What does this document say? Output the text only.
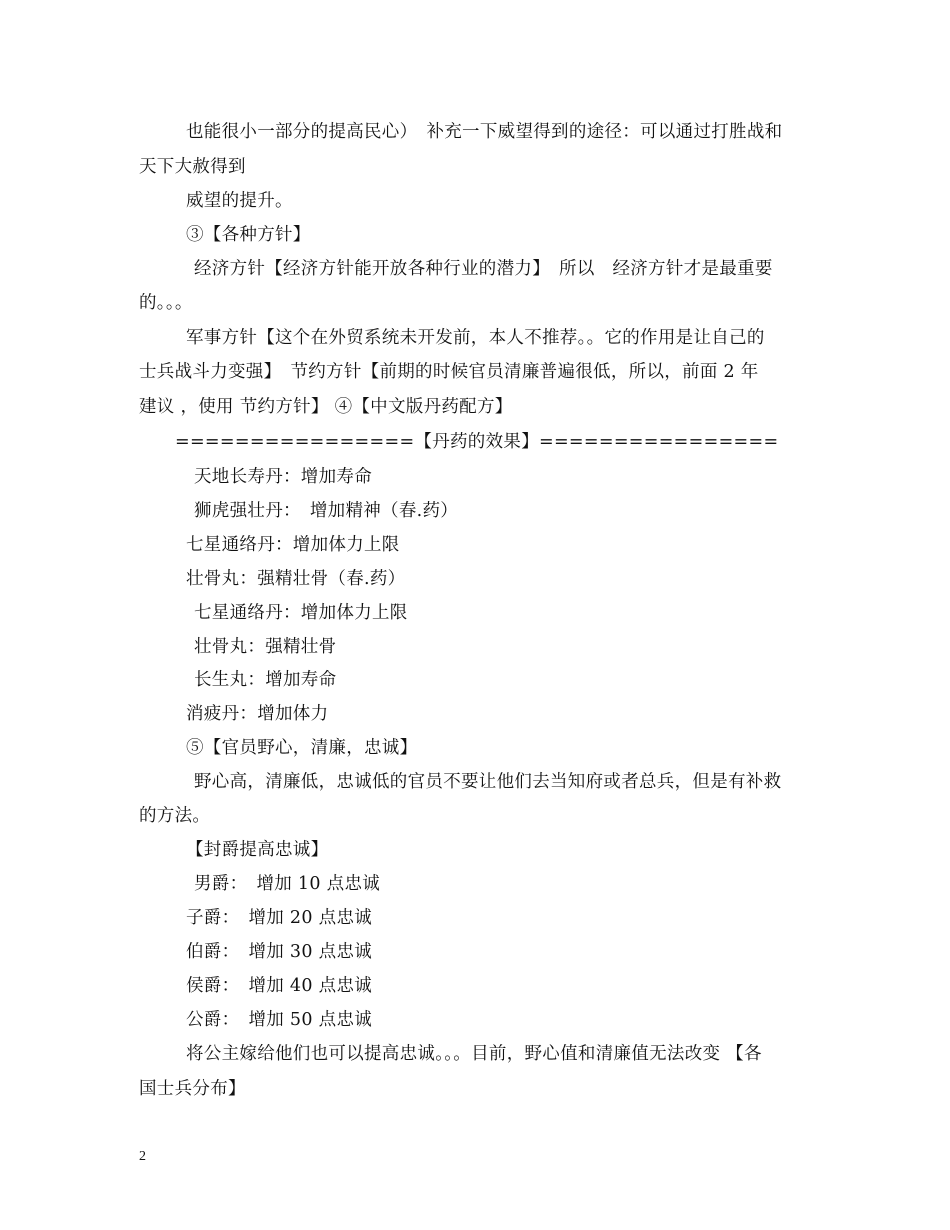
也能很小一部分的提高民心）　补充一下威望得到的途径：可以通过打胜战和
天下大赦得到
威望的提升。
③【各种方针】
经济方针【经济方针能开放各种行业的潜力】　所以　经济方针才是最重要
的。。。
军事方针【这个在外贸系统未开发前，本人不推荐。。它的作用是让自己的
士兵战斗力变强】　节约方针【前期的时候官员清廉普遍很低，所以，前面 2 年
建议 ，使用 节约方针】 ④【中文版丹药配方】
================【丹药的效果】================
天地长寿丹：增加寿命
狮虎强壮丹：　增加精神（春.药）
七星通络丹：增加体力上限
壮骨丸：强精壮骨（春.药）
七星通络丹：增加体力上限
壮骨丸：强精壮骨
长生丸：增加寿命
消疲丹：增加体力
⑤【官员野心，清廉，忠诚】
野心高，清廉低，忠诚低的官员不要让他们去当知府或者总兵，但是有补救
的方法。
【封爵提高忠诚】
男爵：　增加 10 点忠诚
子爵：　增加 20 点忠诚
伯爵：　增加 30 点忠诚
侯爵：　增加 40 点忠诚
公爵：　增加 50 点忠诚
将公主嫁给他们也可以提高忠诚。。。目前，野心值和清廉值无法改变 【各
国士兵分布】
2
